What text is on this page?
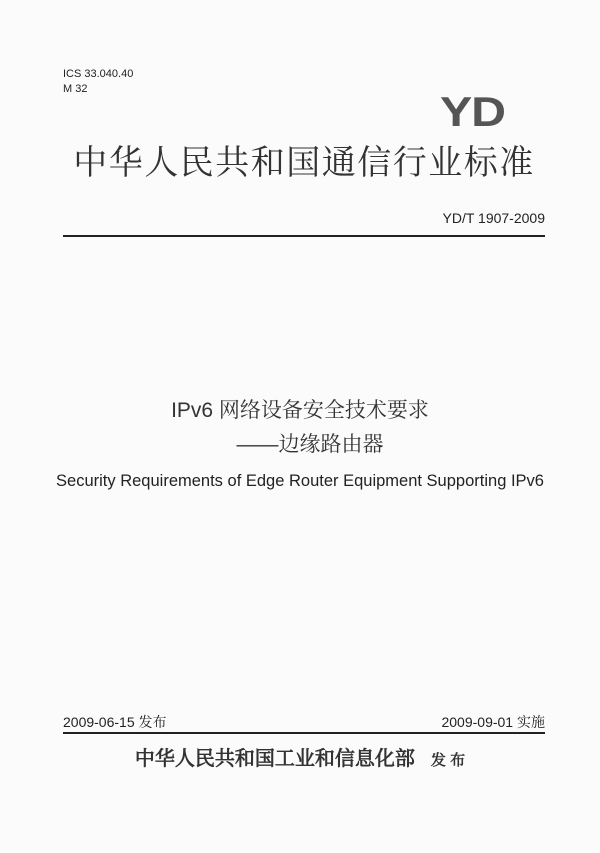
ICS 33.040.40
M 32	YD
中华人民共和国通信行业标准
YD/T 1907-2009
IPv6 网络设备安全技术要求
——边缘路由器
Security Requirements of Edge Router Equipment Supporting IPv6
2009-06-15 发布	2009-09-01 实施
中华人民共和国工业和信息化部 发 布
